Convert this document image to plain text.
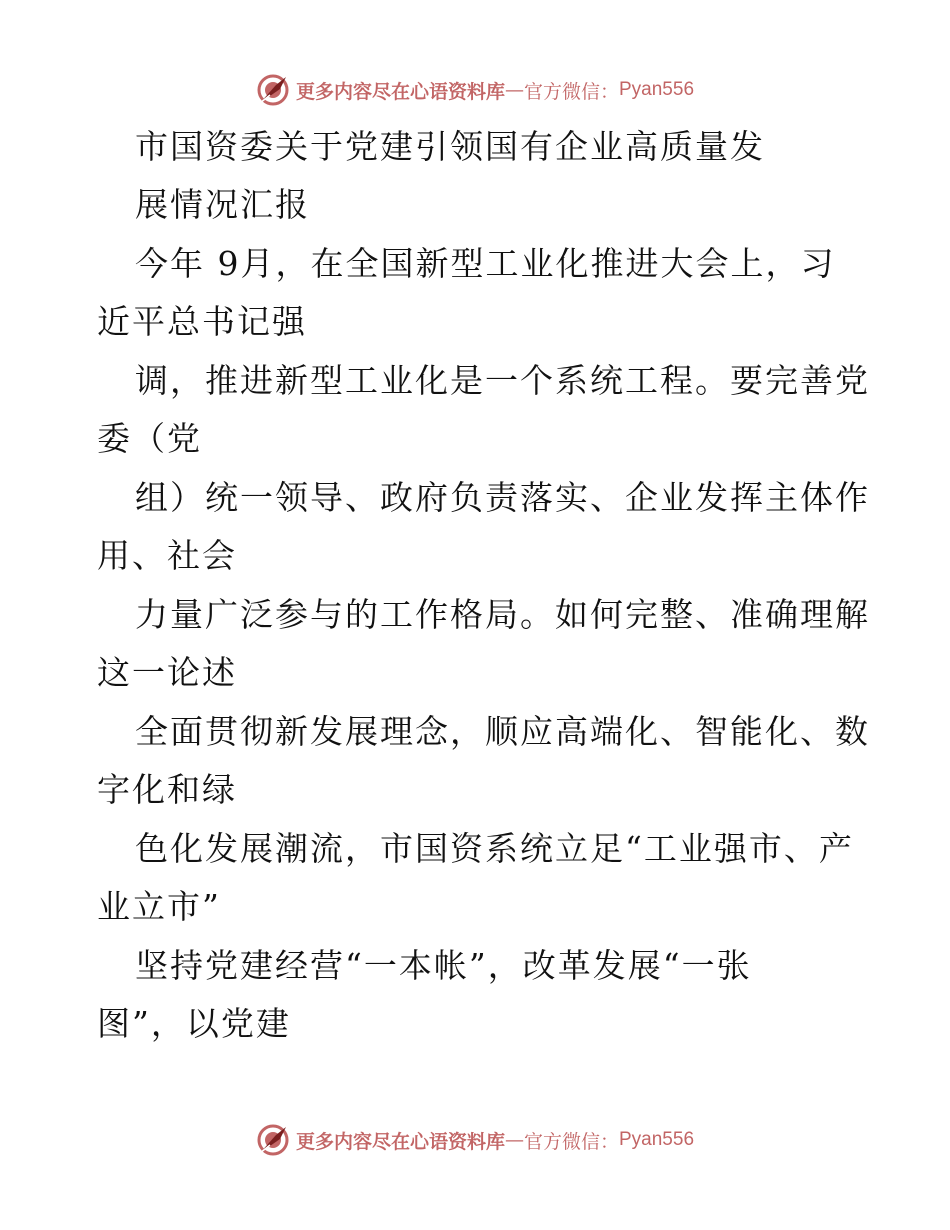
更多内容尽在心语资料库 — 官方微信： Pyan556
市国资委关于党建引领国有企业高质量发
展情况汇报
今年 9月，在全国新型工业化推进大会上，习
近平总书记强
调，推进新型工业化是一个系统工程。要完善党
委（党
组）统一领导、政府负责落实、企业发挥主体作
用、社会
力量广泛参与的工作格局。如何完整、准确理解
这一论述
全面贯彻新发展理念，顺应高端化、智能化、数
字化和绿
色化发展潮流，市国资系统立足“工业强市、产
业立市”
坚持党建经营“一本帐”，改革发展“一张
图”，以党建
更多内容尽在心语资料库 — 官方微信： Pyan556
